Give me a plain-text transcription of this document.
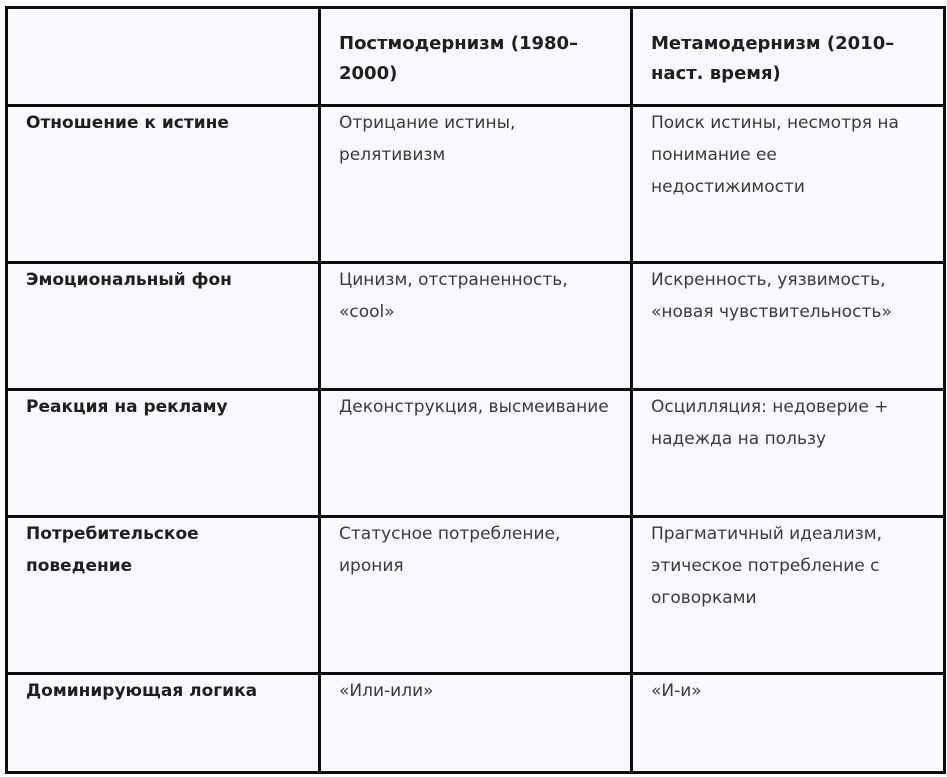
	Постмодернизм (1980–2000)	Метамодернизм (2010–наст. время)
Отношение к истине	Отрицание истины, релятивизм	Поиск истины, несмотря на понимание ее недостижимости
Эмоциональный фон	Цинизм, отстраненность, «cool»	Искренность, уязвимость, «новая чувствительность»
Реакция на рекламу	Деконструкция, высмеивание	Осцилляция: недоверие + надежда на пользу
Потребительское поведение	Статусное потребление, ирония	Прагматичный идеализм, этическое потребление с оговорками
Доминирующая логика	«Или-или»	«И-и»
